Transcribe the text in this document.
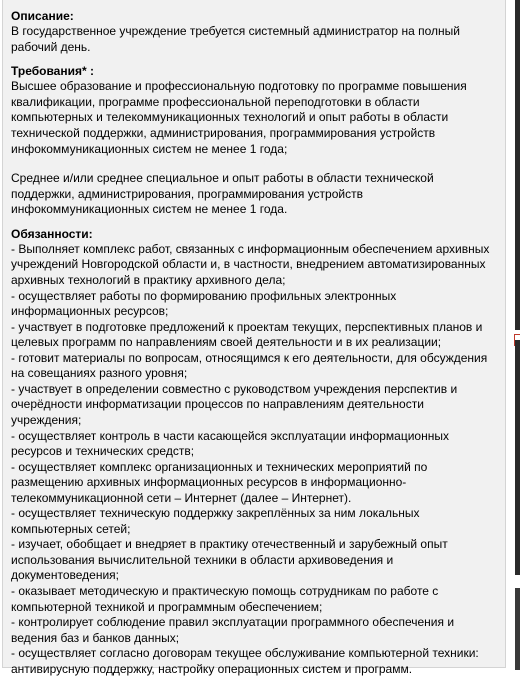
Описание:

В государственное учреждение требуется системный администратор на полный рабочий день.

Требования* :

Высшее образование и профессиональную подготовку по программе повышения квалификации, программе профессиональной переподготовки в области компьютерных и телекоммуникационных технологий и опыт работы в области технической поддержки, администрирования, программирования устройств инфокоммуникационных систем не менее 1 года;

Среднее и/или среднее специальное и опыт работы в области технической поддержки, администрирования, программирования устройств инфокоммуникационных систем не менее 1 года.

Обязанности:

- Выполняет комплекс работ, связанных с информационным обеспечением архивных учреждений Новгородской области и, в частности, внедрением автоматизированных архивных технологий в практику архивного дела;

- осуществляет работы по формированию профильных электронных информационных ресурсов;

- участвует в подготовке предложений к проектам текущих, перспективных планов и целевых программ по направлениям своей деятельности и в их реализации;

- готовит материалы по вопросам, относящимся к его деятельности, для обсуждения на совещаниях разного уровня;

- участвует в определении совместно с руководством учреждения перспектив и очерёдности информатизации процессов по направлениям деятельности учреждения;

- осуществляет контроль в части касающейся эксплуатации информационных ресурсов и технических средств;

- осуществляет комплекс организационных и технических мероприятий по размещению архивных информационных ресурсов в информационно-телекоммуникационной сети – Интернет (далее – Интернет).

- осуществляет техническую поддержку закреплённых за ним локальных компьютерных сетей;

- изучает, обобщает и внедряет в практику отечественный и зарубежный опыт использования вычислительной техники в области архивоведения и документоведения;

- оказывает методическую и практическую помощь сотрудникам по работе с компьютерной техникой и программным обеспечением;

- контролирует соблюдение правил эксплуатации программного обеспечения и ведения баз и банков данных;

- осуществляет согласно договорам текущее обслуживание компьютерной техники: антивирусную поддержку, настройку операционных систем и программ.
